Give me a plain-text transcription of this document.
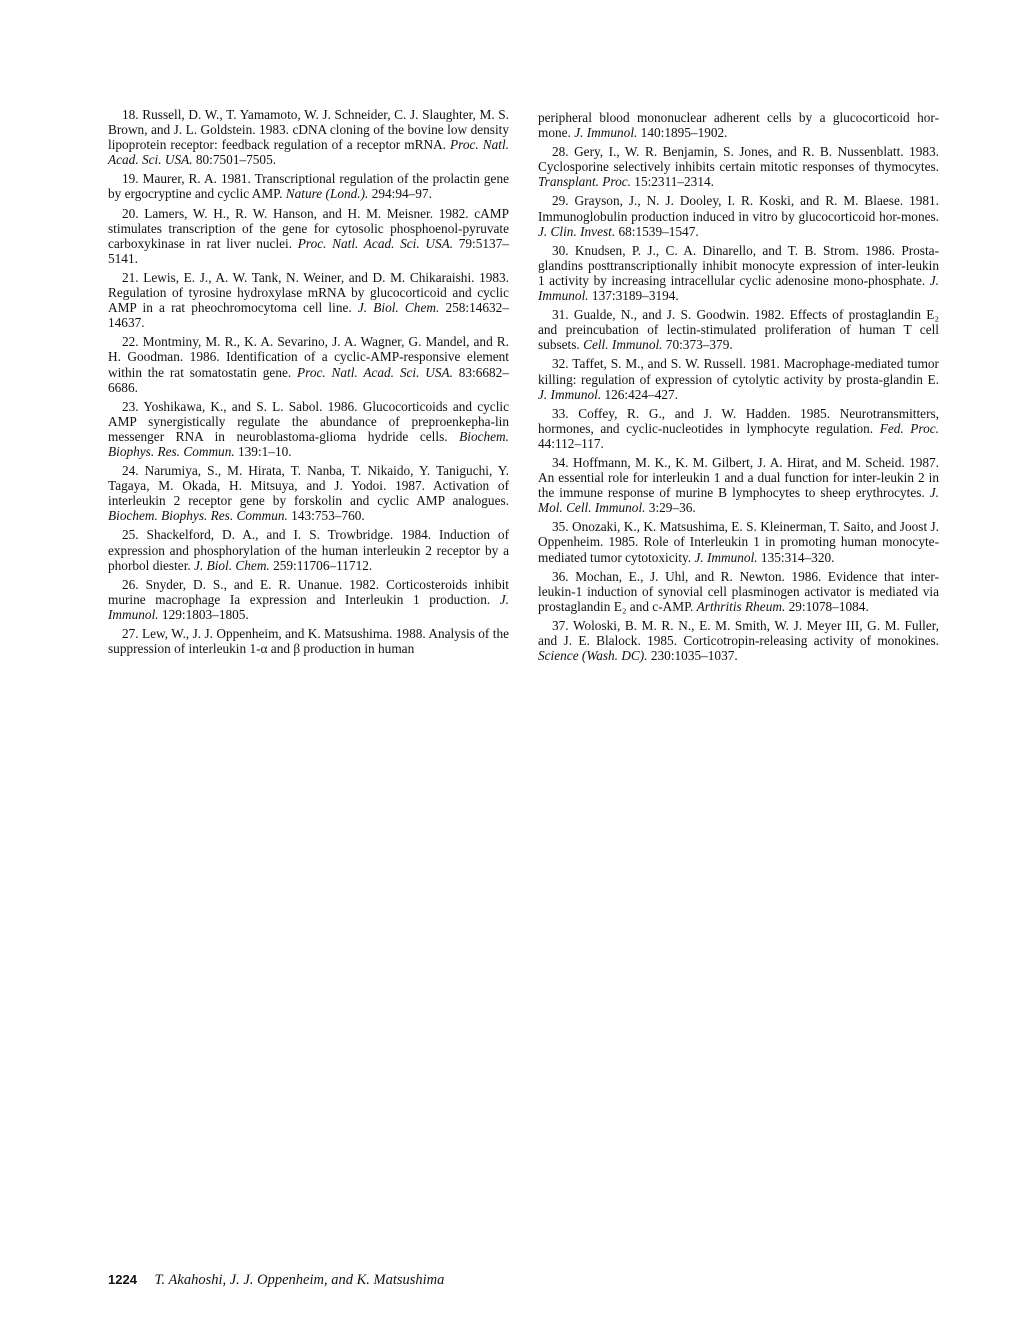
18. Russell, D. W., T. Yamamoto, W. J. Schneider, C. J. Slaughter, M. S. Brown, and J. L. Goldstein. 1983. cDNA cloning of the bovine low density lipoprotein receptor: feedback regulation of a receptor mRNA. Proc. Natl. Acad. Sci. USA. 80:7501–7505.

19. Maurer, R. A. 1981. Transcriptional regulation of the prolactin gene by ergocryptine and cyclic AMP. Nature (Lond.). 294:94–97.

20. Lamers, W. H., R. W. Hanson, and H. M. Meisner. 1982. cAMP stimulates transcription of the gene for cytosolic phosphoenol-pyruvate carboxykinase in rat liver nuclei. Proc. Natl. Acad. Sci. USA. 79:5137–5141.

21. Lewis, E. J., A. W. Tank, N. Weiner, and D. M. Chikaraishi. 1983. Regulation of tyrosine hydroxylase mRNA by glucocorticoid and cyclic AMP in a rat pheochromocytoma cell line. J. Biol. Chem. 258:14632–14637.

22. Montminy, M. R., K. A. Sevarino, J. A. Wagner, G. Mandel, and R. H. Goodman. 1986. Identification of a cyclic-AMP-responsive element within the rat somatostatin gene. Proc. Natl. Acad. Sci. USA. 83:6682–6686.

23. Yoshikawa, K., and S. L. Sabol. 1986. Glucocorticoids and cyclic AMP synergistically regulate the abundance of preproenkepha-lin messenger RNA in neuroblastoma-glioma hydride cells. Biochem. Biophys. Res. Commun. 139:1–10.

24. Narumiya, S., M. Hirata, T. Nanba, T. Nikaido, Y. Taniguchi, Y. Tagaya, M. Okada, H. Mitsuya, and J. Yodoi. 1987. Activation of interleukin 2 receptor gene by forskolin and cyclic AMP analogues. Biochem. Biophys. Res. Commun. 143:753–760.

25. Shackelford, D. A., and I. S. Trowbridge. 1984. Induction of expression and phosphorylation of the human interleukin 2 receptor by a phorbol diester. J. Biol. Chem. 259:11706–11712.

26. Snyder, D. S., and E. R. Unanue. 1982. Corticosteroids inhibit murine macrophage Ia expression and Interleukin 1 production. J. Immunol. 129:1803–1805.

27. Lew, W., J. J. Oppenheim, and K. Matsushima. 1988. Analysis of the suppression of interleukin 1-α and β production in human

peripheral blood mononuclear adherent cells by a glucocorticoid hor-mone. J. Immunol. 140:1895–1902.

28. Gery, I., W. R. Benjamin, S. Jones, and R. B. Nussenblatt. 1983. Cyclosporine selectively inhibits certain mitotic responses of thymocytes. Transplant. Proc. 15:2311–2314.

29. Grayson, J., N. J. Dooley, I. R. Koski, and R. M. Blaese. 1981. Immunoglobulin production induced in vitro by glucocorticoid hor-mones. J. Clin. Invest. 68:1539–1547.

30. Knudsen, P. J., C. A. Dinarello, and T. B. Strom. 1986. Prosta-glandins posttranscriptionally inhibit monocyte expression of inter-leukin 1 activity by increasing intracellular cyclic adenosine mono-phosphate. J. Immunol. 137:3189–3194.

31. Gualde, N., and J. S. Goodwin. 1982. Effects of prostaglandin E₂ and preincubation of lectin-stimulated proliferation of human T cell subsets. Cell. Immunol. 70:373–379.

32. Taffet, S. M., and S. W. Russell. 1981. Macrophage-mediated tumor killing: regulation of expression of cytolytic activity by prosta-glandin E. J. Immunol. 126:424–427.

33. Coffey, R. G., and J. W. Hadden. 1985. Neurotransmitters, hormones, and cyclic-nucleotides in lymphocyte regulation. Fed. Proc. 44:112–117.

34. Hoffmann, M. K., K. M. Gilbert, J. A. Hirat, and M. Scheid. 1987. An essential role for interleukin 1 and a dual function for inter-leukin 2 in the immune response of murine B lymphocytes to sheep erythrocytes. J. Mol. Cell. Immunol. 3:29–36.

35. Onozaki, K., K. Matsushima, E. S. Kleinerman, T. Saito, and Joost J. Oppenheim. 1985. Role of Interleukin 1 in promoting human monocyte-mediated tumor cytotoxicity. J. Immunol. 135:314–320.

36. Mochan, E., J. Uhl, and R. Newton. 1986. Evidence that inter-leukin-1 induction of synovial cell plasminogen activator is mediated via prostaglandin E₂ and c-AMP. Arthritis Rheum. 29:1078–1084.

37. Woloski, B. M. R. N., E. M. Smith, W. J. Meyer III, G. M. Fuller, and J. E. Blalock. 1985. Corticotropin-releasing activity of monokines. Science (Wash. DC). 230:1035–1037.

1224 T. Akahoshi, J. J. Oppenheim, and K. Matsushima
